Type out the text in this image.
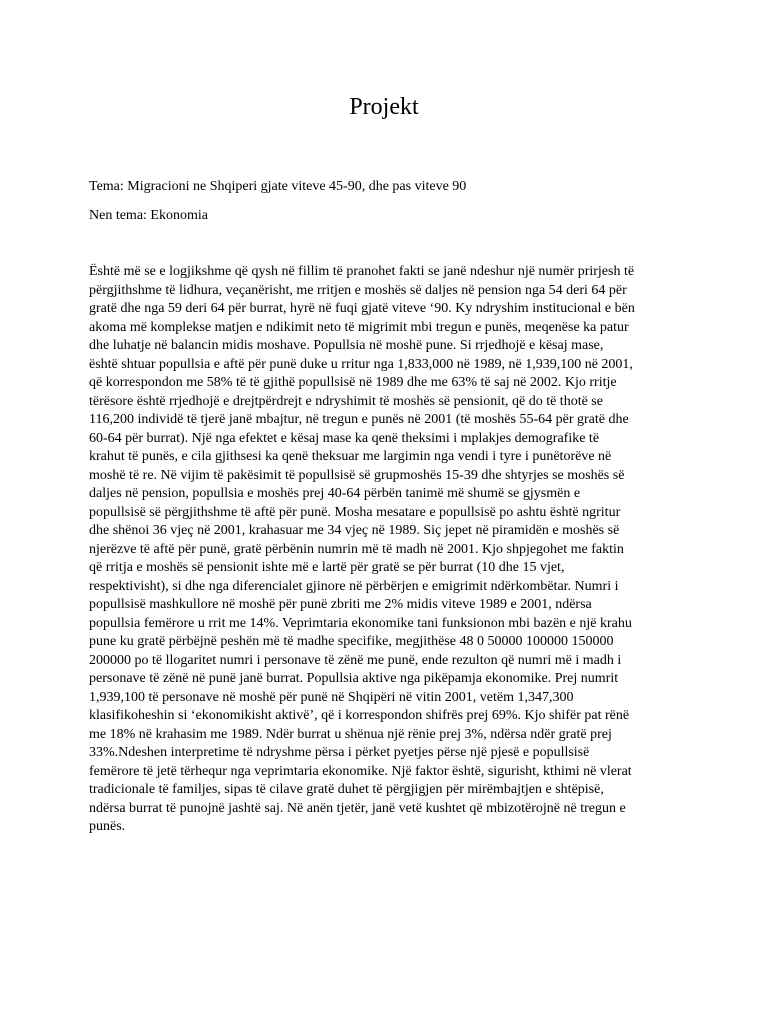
Projekt

Tema: Migracioni ne Shqiperi gjate viteve 45-90, dhe pas viteve 90

Nen tema: Ekonomia

Është më se e logjikshme që qysh në fillim të pranohet fakti se janë ndeshur një numër prirjesh të
përgjithshme të lidhura, veçanërisht, me rritjen e moshës së daljes në pension nga 54 deri 64 për
gratë dhe nga 59 deri 64 për burrat, hyrë në fuqi gjatë viteve ‘90. Ky ndryshim institucional e bën
akoma më komplekse matjen e ndikimit neto të migrimit mbi tregun e punës, meqenëse ka patur
dhe luhatje në balancin midis moshave. Popullsia në moshë pune. Si rrjedhojë e kësaj mase,
është shtuar popullsia e aftë për punë duke u rritur nga 1,833,000 në 1989, në 1,939,100 në 2001,
që korrespondon me 58% të të gjithë popullsisë në 1989 dhe me 63% të saj në 2002. Kjo rritje
tërësore është rrjedhojë e drejtpërdrejt e ndryshimit të moshës së pensionit, që do të thotë se
116,200 individë të tjerë janë mbajtur, në tregun e punës në 2001 (të moshës 55-64 për gratë dhe
60-64 për burrat). Një nga efektet e kësaj mase ka qenë theksimi i mplakjes demografike të
krahut të punës, e cila gjithsesi ka qenë theksuar me largimin nga vendi i tyre i punëtorëve në
moshë të re. Në vijim të pakësimit të popullsisë së grupmoshës 15-39 dhe shtyrjes se moshës së
daljes në pension, popullsia e moshës prej 40-64 përbën tanimë më shumë se gjysmën e
popullsisë së përgjithshme të aftë për punë. Mosha mesatare e popullsisë po ashtu është ngritur
dhe shënoi 36 vjeç në 2001, krahasuar me 34 vjeç në 1989. Siç jepet në piramidën e moshës së
njerëzve të aftë për punë, gratë përbënin numrin më të madh në 2001. Kjo shpjegohet me faktin
që rritja e moshës së pensionit ishte më e lartë për gratë se për burrat (10 dhe 15 vjet,
respektivisht), si dhe nga diferencialet gjinore në përbërjen e emigrimit ndërkombëtar. Numri i
popullsisë mashkullore në moshë për punë zbriti me 2% midis viteve 1989 e 2001, ndërsa
popullsia femërore u rrit me 14%. Veprimtaria ekonomike tani funksionon mbi bazën e një krahu
pune ku gratë përbëjnë peshën më të madhe specifike, megjithëse 48 0 50000 100000 150000
200000 po të llogaritet numri i personave të zënë me punë, ende rezulton që numri më i madh i
personave të zënë në punë janë burrat. Popullsia aktive nga pikëpamja ekonomike. Prej numrit
1,939,100 të personave në moshë për punë në Shqipëri në vitin 2001, vetëm 1,347,300
klasifikoheshin si ‘ekonomikisht aktivë’, që i korrespondon shifrës prej 69%. Kjo shifër pat rënë
me 18% në krahasim me 1989. Ndër burrat u shënua një rënie prej 3%, ndërsa ndër gratë prej
33%.Ndeshen interpretime të ndryshme përsa i përket pyetjes përse një pjesë e popullsisë
femërore të jetë tërhequr nga veprimtaria ekonomike. Një faktor është, sigurisht, kthimi në vlerat
tradicionale të familjes, sipas të cilave gratë duhet të përgjigjen për mirëmbajtjen e shtëpisë,
ndërsa burrat të punojnë jashtë saj. Në anën tjetër, janë vetë kushtet që mbizotërojnë në tregun e
punës.
